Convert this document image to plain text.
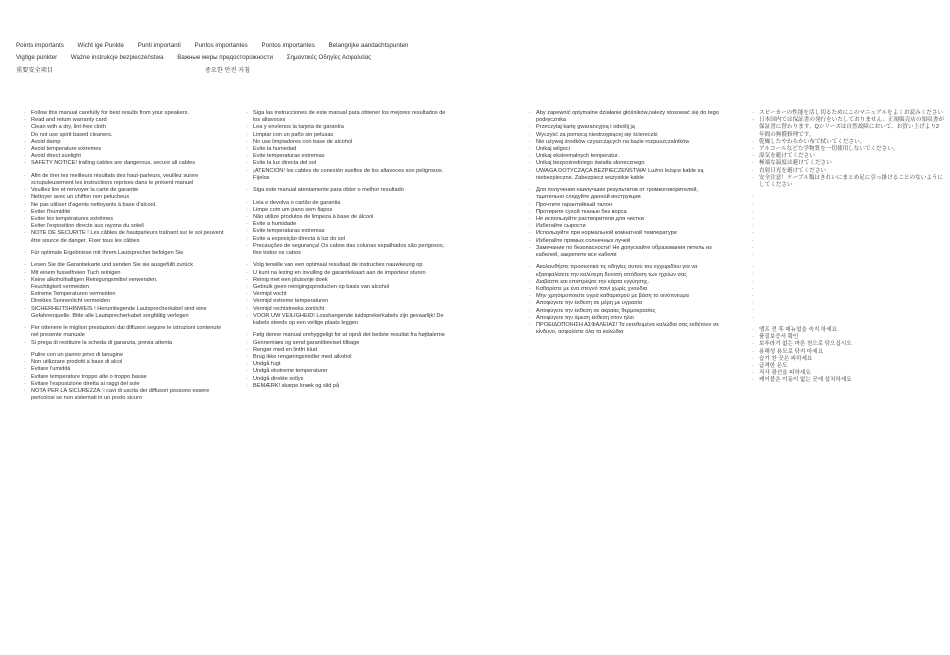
Points importants Wicht ige Punkte Punti importanti Puntos importantes Pontos importantes Belangrijke aandachtspunten
Vigtige punkter Ważne instrukcje bezpieczeństwa Важные меры предосторожности Σημαντικές Οδηγίες Ασφαλείας
重要安全项目	중요한 안전 지침
· Follow this manual carefully for best results from your speakers.
· Read and retum warranty card
· Clean with a dry, lint-free cloth
· Do not use spirit based cleaners.
· Avoid damp
· Avoid temperature extremes
· Avoid direct sunlight
· SAFETY NOTICE! trailing cables are dangerous, secure all cables
· Afin de tirer les meilleurs résultats des haut-parleurs, veuillez suivre scrupuleusement les instructions reprises dans le présent manuel
· Veuillez lire et renvoyer la carte de garantie
· Nettoyer avec un chiffon non pelucheux
· Ne pas utiliser d'agents nettoyants à base d'alcool.
· Eviter l'humidité
· Eviter les températures extrêmes
· Eviter l'exposition directe aux rayons du soleil
· NOTE DE SECURITE ! Les câbles de hautparleurs traînant sur le sol peuvent être source de danger. Fixer tous les câbles
· Für optimale Ergebnisse mit Ihrem Lautsprecher befolgen Sie
· Lesen Sie die Garantiekarte und senden Sie sie ausgefüllt zurück
· Mit einem fusselfreien Tuch reinigen
· Keine alkoholhaltigen Reinigungsmittel verwenden.
· Feuchtigkeit vermeiden
· Extreme Temperaturen vermeiden
· Direktes Sonnenlicht vermeiden
· SICHERHEITSHINWEIS ! Herumliegende Lautsprecherkabel sind eine Gefahrenquelle. Bitte alle Lautsprecherkabel sorgfältig verlegen
· Per ottenere le migliori prestazioni dai diffusori seguire le istruzioni contenute nel presente manuale
· Si prega di restituire la scheda di garanzia, previa attenta
· Pulire con un panno privo di lanugine
· Non utilizzare prodotti a base di alcol
· Evitare l'umidità
· Evitare temperature troppo alte o troppo basse
· Evitare l'esposizione diretta ai raggi del sole
· NOTA PER LA SICUREZZA: i cavi di uscita dei diffusori possono essere pericolosi se non sistemati in un posto sicuro
· Siga las instrucciones de este manual para obtener los mejores resultados de los altavoces
· Lea y envíenos la tarjeta de garantía
· Limpiar con un paño sin pelusas
· No use limpiadores con base de alcohol
· Evite la humedad
· Evite temperaturas extremas
· Evite la luz directa del sol
· ¡ATENCION! los cables de conexión sueltos de los altavoces son peligrosos. Fíjelos
· Siga este manual atentamente para obter o melhor resultado
· Leia e devolva o cartão de garantia
· Limpe com um pano sem fiapos
· Não utilize produtos de limpeza à base de álcool
· Evite a humidade
· Evite temperaturas extremas
· Evite a exposição directa à luz do sol
· Precauções de segurança! Os cabos das colunas espalhados são perigosos, fixe todos os cabos
· Volg terwille van een optimaal resultaat de instructies nauwkeurig op
· U kunt na lezing en invulling de garantiekaart aan de importeur sturen
· Reinig met een pluisvrije doek
· Gebruik geen reinigingsproducten op basis van alcohol
· Vermijd vocht
· Vermijd extreme temperaturen
· Vermijd rechtstreeks zonlicht
· VOOR UW VEILIGHEID! Losshangende luidsprekerkabels zijn gevaarlijk! De kabels steeds op een veilige plaats leggen
· Følg denne manual omhyggeligt for at opnå det bedste resultat fra højttalerne
· Gennemlæs og send garantibeviset tilbage
· Rengør med en lintfri klud
· Brug ikke rengøringsmidler med alkohol
· Undgå fugt
· Undgå ekstreme temperaturer
· Undgå direkte sollys
· BEMÆRK! skarpe knæk og slid på
· Aby zapewnić optymalne działanie głośników,należy stosować się do tego podręcznika
· Przeczytaj kartę gwarancyjną i odeślij ją
· Wyczyść za pomocą niestrzępiącej się ściereczki
· Nie używaj środków czyszczących na bazie rozpuszczalników
· Unikaj wilgoci
· Unikaj ekstremalnych temperatur.
· Unikaj bezpośredniego światła słonecznego
· UWAGA DOTYCZĄCA BEZPIECZEŃSTWA! Luźno leżące kable są niebezpieczne. Zabezpiecz wszystkie kable
· Для получения наилучших результатов от громкоговорителей, тщательно следуйте данной инструкции
· Прочтите гарантийный талон
· Протирите сухой тканью без ворса
· Не используйте растворители для чистки
· Избегайте сырости
· Используйте при нормальной комнатной температуре
· Избегайте прямых солнечных лучей
· Замечание по безопасности! Не допускайте образования петель из кабелей, закрепите все кабели
· Ακολουθήστε προσεκτικά τις οδηγίες αυτού του εγχειριδίου για να εξασφαλίσετε την καλύτερη δυνατή απόδοση των ηχείων σας
· Διαβάστε και επιστρέψτε την κάρτα εγγύησης.
· Καθαρίστε με ένα στεγνό πανί χωρίς χνούδια
· Μην χρησιμοποιείτε υγρά καθαρισμού με βάση το οινόπνευμα
· Αποφύγετε την έκθεση σε μέρη με υγρασία
· Αποφύγετε την έκθεση σε ακραίες θερμοκρασίες
· Αποφύγετε την άμεση έκθεση στον ήλιο
· ΠΡΟΕΙΔΟΠΟΙΗΣΗ ΑΣΦΑΛΕΙΑΣ! Τα εκτεθειμένα καλώδια σας εκθέτουν σε κίνδυνο, ασφαλίστε όλα τα καλώδια
· スピーカーの性能を活し切るためにこのマニュアルをよくお読みください
· 日本国内では保証書の発行をいたしておりません。正規販売店の領収書が保証書に替わります。Qシリーズは自然故障において、お買い上げより2年間の無償修理です。
· 乾燥したやわらかい布で拭いてください。
· アルコールなどた学物質を一切使用しないでください。
· 湿気を避けてください
· 極端な温度は避けてください
· 直射日光を避けてください
· 安全注意！ケーブル類はきれいにまとめ足に引っ掛けることのないようにしてください
·
·
·
·
·
·
·
·
·
·
·
·
·
·
·
·
·
· 앰프 전 후 매뉴얼을 숙지 하세요
· 품질보증서 확인
· 보푸라기 없는 마른 천으로 닦으십시오
· 용해성 용모로 닦지 마세요
· 습기 찬 곳은 피하세요
· 급격한 온도
· 직사 광선을 피하세요
· 케이블은 이동이 없는 곳에 설치하세요
